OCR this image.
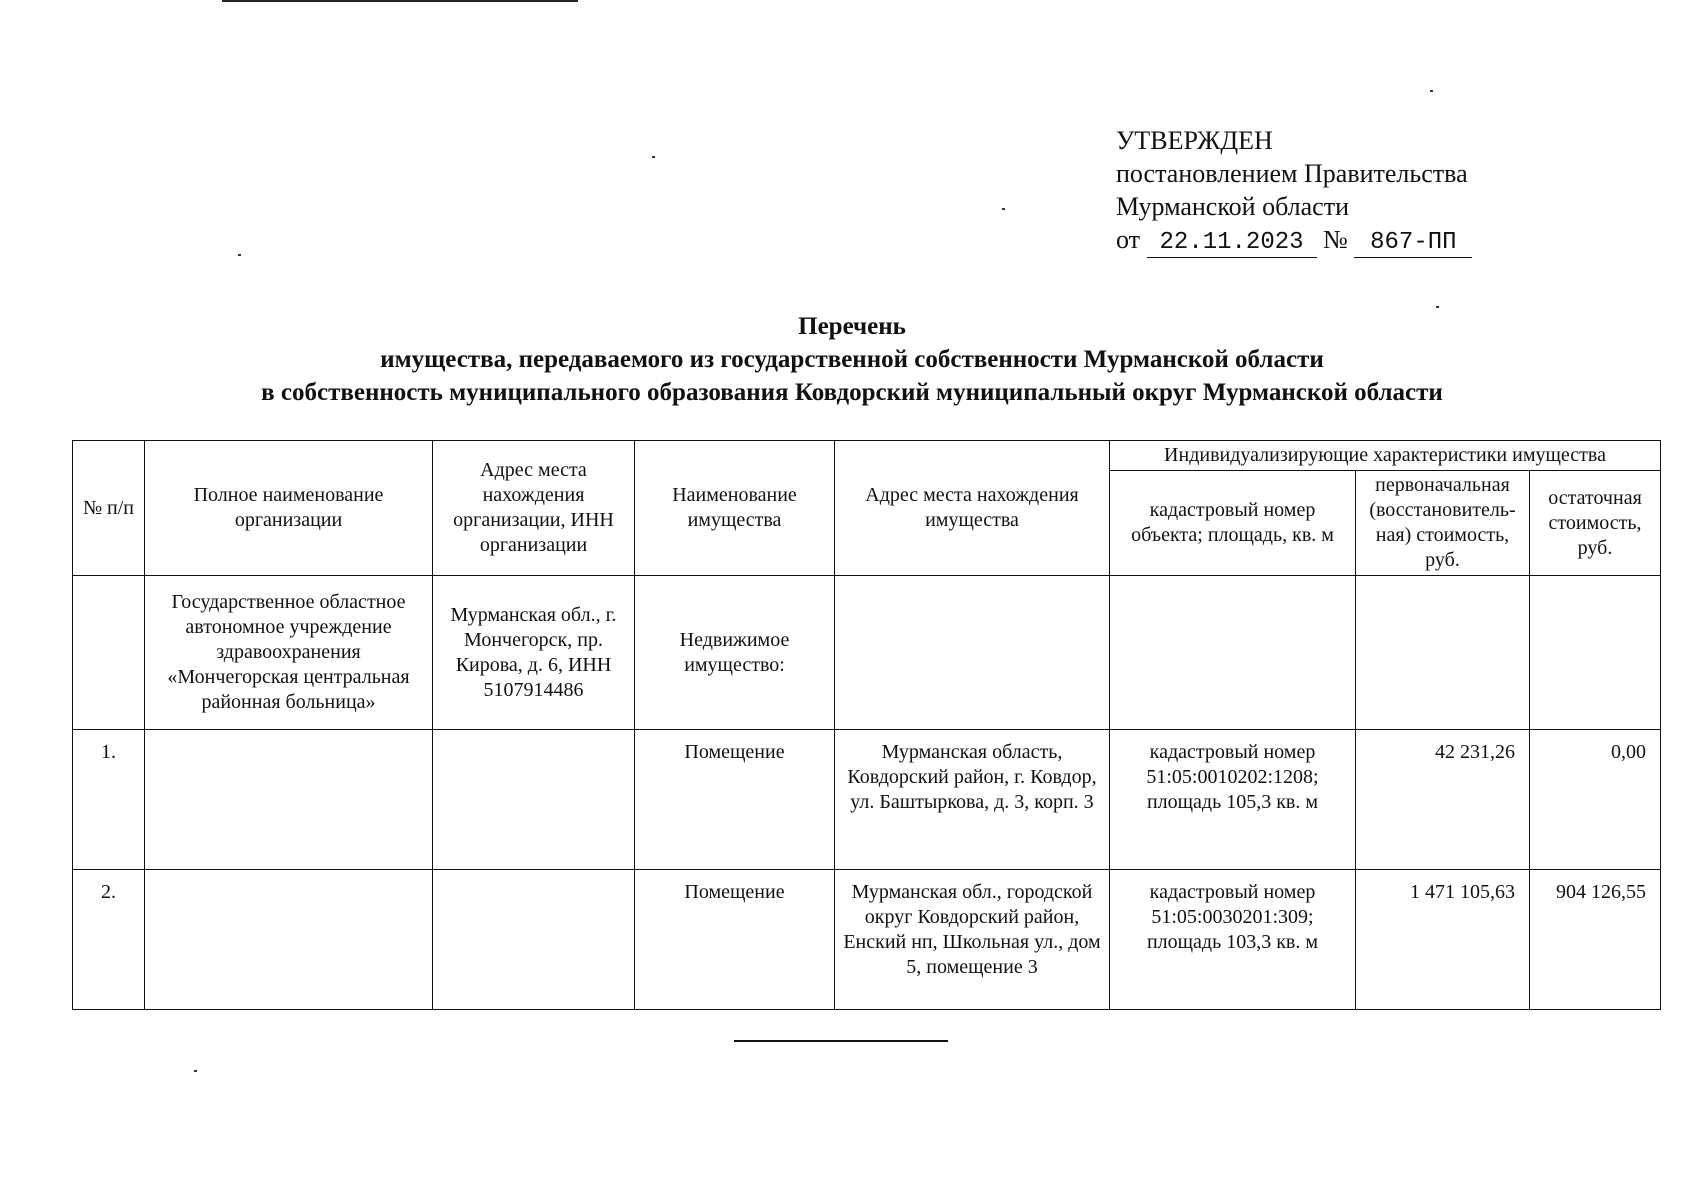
УТВЕРЖДЕН
постановлением Правительства
Мурманской области
от 22.11.2023 № 867-ПП
Перечень
имущества, передаваемого из государственной собственности Мурманской области
в собственность муниципального образования Ковдорский муниципальный округ Мурманской области
№ п/п	Полное наименование организации	Адрес места нахождения организации, ИНН организации	Наименование имущества	Адрес места нахождения имущества	Индивидуализирующие характеристики имущества		
					кадастровый номер объекта; площадь, кв. м	первоначальная (восстановитель-ная) стоимость, руб.	остаточная стоимость, руб.
	Государственное областное автономное учреждение здравоохранения «Мончегорская центральная районная больница»	Мурманская обл., г. Мончегорск, пр. Кирова, д. 6, ИНН 5107914486	Недвижимое имущество:				
1.			Помещение	Мурманская область, Ковдорский район, г. Ковдор, ул. Баштыркова, д. 3, корп. 3	кадастровый номер 51:05:0010202:1208; площадь 105,3 кв. м	42 231,26	0,00
2.			Помещение	Мурманская обл., городской округ Ковдорский район, Енский нп, Школьная ул., дом 5, помещение 3	кадастровый номер 51:05:0030201:309; площадь 103,3 кв. м	1 471 105,63	904 126,55
